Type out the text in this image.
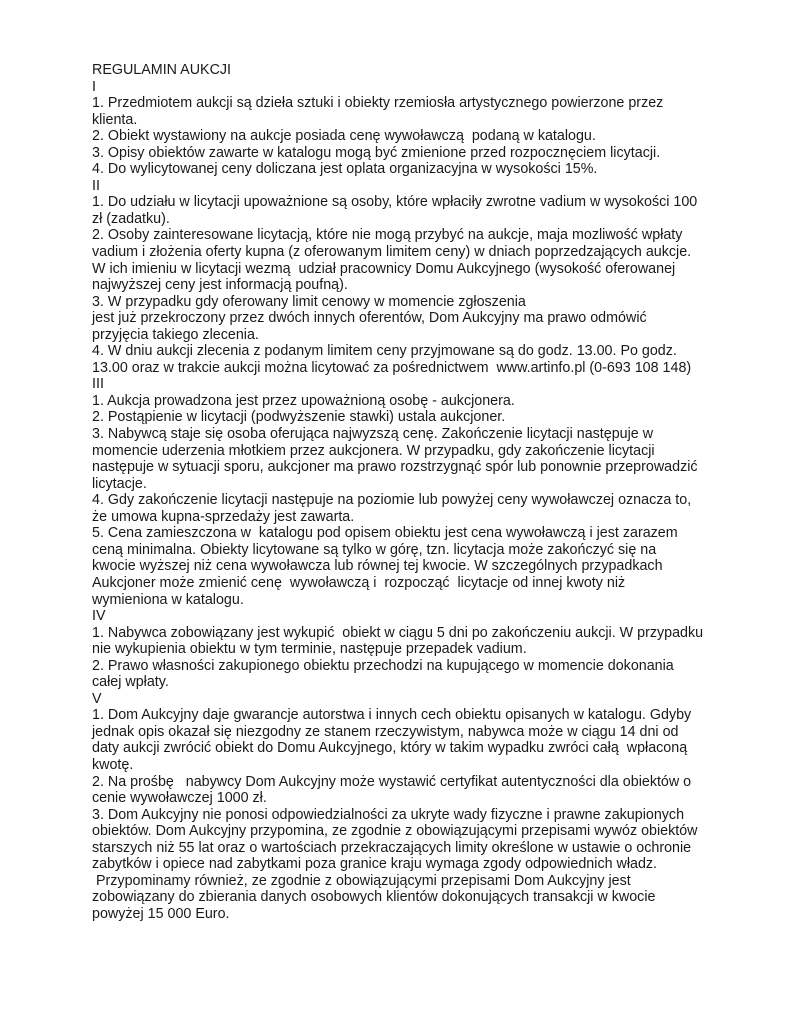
REGULAMIN AUKCJI
I
1. Przedmiotem aukcji są dzieła sztuki i obiekty rzemiosła artystycznego powierzone przez
klienta.
2. Obiekt wystawiony na aukcje posiada cenę wywoławczą  podaną w katalogu.
3. Opisy obiektów zawarte w katalogu mogą być zmienione przed rozpocznęciem licytacji.
4. Do wylicytowanej ceny doliczana jest oplata organizacyjna w wysokości 15%.
II
1. Do udziału w licytacji upoważnione są osoby, które wpłaciły zwrotne vadium w wysokości 100
zł (zadatku).
2. Osoby zainteresowane licytacją, które nie mogą przybyć na aukcje, maja mozliwość wpłaty
vadium i złożenia oferty kupna (z oferowanym limitem ceny) w dniach poprzedzających aukcje.
W ich imieniu w licytacji wezmą  udział pracownicy Domu Aukcyjnego (wysokość oferowanej
najwyższej ceny jest informacją poufną).
3. W przypadku gdy oferowany limit cenowy w momencie zgłoszenia
jest już przekroczony przez dwóch innych oferentów, Dom Aukcyjny ma prawo odmówić
przyjęcia takiego zlecenia.
4. W dniu aukcji zlecenia z podanym limitem ceny przyjmowane są do godz. 13.00. Po godz.
13.00 oraz w trakcie aukcji można licytować za pośrednictwem  www.artinfo.pl (0-693 108 148)
III
1. Aukcja prowadzona jest przez upoważnioną osobę - aukcjonera.
2. Postąpienie w licytacji (podwyższenie stawki) ustala aukcjoner.
3. Nabywcą staje się osoba oferująca najwyzszą cenę. Zakończenie licytacji następuje w
momencie uderzenia młotkiem przez aukcjonera. W przypadku, gdy zakończenie licytacji
następuje w sytuacji sporu, aukcjoner ma prawo rozstrzygnąć spór lub ponownie przeprowadzić
licytacje.
4. Gdy zakończenie licytacji następuje na poziomie lub powyżej ceny wywoławczej oznacza to,
że umowa kupna-sprzedaży jest zawarta.
5. Cena zamieszczona w  katalogu pod opisem obiektu jest cena wywoławczą i jest zarazem
ceną minimalna. Obiekty licytowane są tylko w górę, tzn. licytacja może zakończyć się na
kwocie wyższej niż cena wywoławcza lub równej tej kwocie. W szczególnych przypadkach
Aukcjoner może zmienić cenę  wywoławczą i  rozpocząć  licytacje od innej kwoty niż
wymieniona w katalogu.
IV
1. Nabywca zobowiązany jest wykupić  obiekt w ciągu 5 dni po zakończeniu aukcji. W przypadku
nie wykupienia obiektu w tym terminie, następuje przepadek vadium.
2. Prawo własności zakupionego obiektu przechodzi na kupującego w momencie dokonania
całej wpłaty.
V
1. Dom Aukcyjny daje gwarancje autorstwa i innych cech obiektu opisanych w katalogu. Gdyby
jednak opis okazał się niezgodny ze stanem rzeczywistym, nabywca może w ciągu 14 dni od
daty aukcji zwrócić obiekt do Domu Aukcyjnego, który w takim wypadku zwróci całą  wpłaconą
kwotę.
2. Na prośbę   nabywcy Dom Aukcyjny może wystawić certyfikat autentyczności dla obiektów o
cenie wywoławczej 1000 zł.
3. Dom Aukcyjny nie ponosi odpowiedzialności za ukryte wady fizyczne i prawne zakupionych
obiektów. Dom Aukcyjny przypomina, ze zgodnie z obowiązującymi przepisami wywóz obiektów
starszych niż 55 lat oraz o wartościach przekraczających limity określone w ustawie o ochronie
zabytków i opiece nad zabytkami poza granice kraju wymaga zgody odpowiednich władz.
Przypominamy również, ze zgodnie z obowiązującymi przepisami Dom Aukcyjny jest
zobowiązany do zbierania danych osobowych klientów dokonujących transakcji w kwocie
powyżej 15 000 Euro.
